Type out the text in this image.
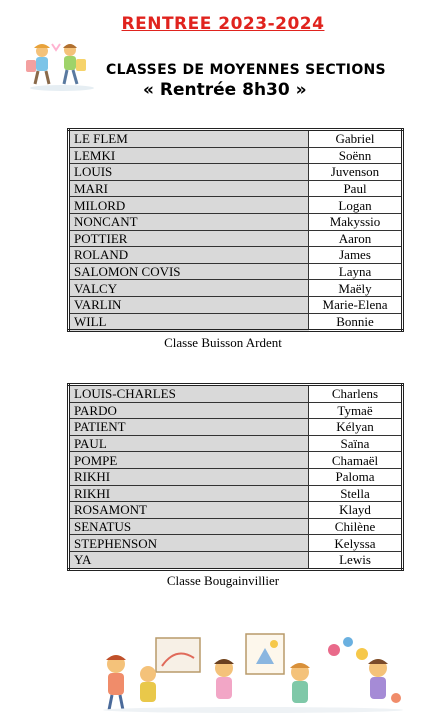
RENTREE 2023-2024
CLASSES DE MOYENNES SECTIONS
« Rentrée 8h30 »
LE FLEM	Gabriel
LEMKI	Soënn
LOUIS	Juvenson
MARI	Paul
MILORD	Logan
NONCANT	Makyssio
POTTIER	Aaron
ROLAND	James
SALOMON COVIS	Layna
VALCY	Maëly
VARLIN	Marie-Elena
WILL	Bonnie
Classe Buisson Ardent
LOUIS-CHARLES	Charlens
PARDO	Tymaë
PATIENT	Kélyan
PAUL	Saïna
POMPE	Chamaël
RIKHI	Paloma
RIKHI	Stella
ROSAMONT	Klayd
SENATUS	Chilène
STEPHENSON	Kelyssa
YA	Lewis
Classe Bougainvillier
